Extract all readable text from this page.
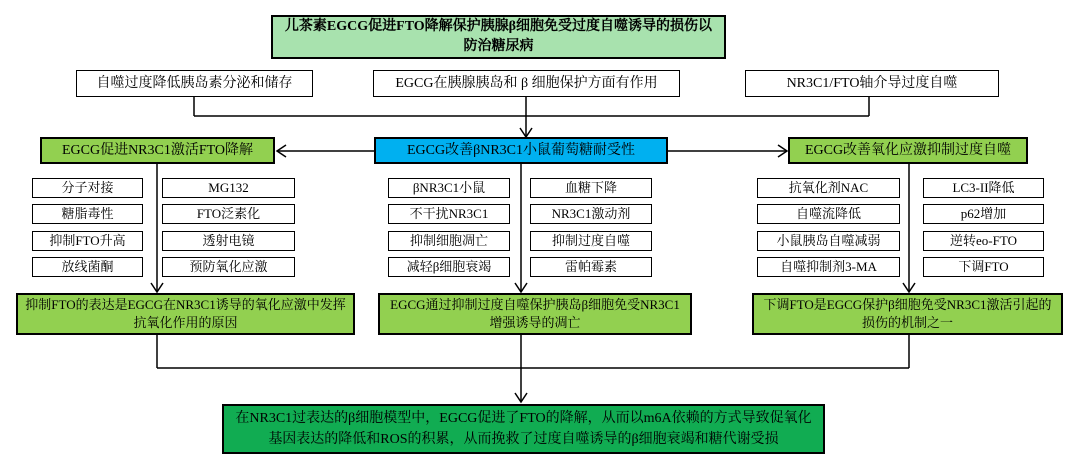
儿茶素EGCG促进FTO降解保护胰腺β细胞免受过度自噬诱导的损伤以防治糖尿病
自噬过度降低胰岛素分泌和储存	EGCG在胰腺胰岛和 β 细胞保护方面有作用	NR3C1/FTO轴介导过度自噬
EGCG促进NR3C1激活FTO降解	EGCG改善βNR3C1小鼠葡萄糖耐受性	EGCG改善氧化应激抑制过度自噬
分子对接
糖脂毒性
抑制FTO升高
放线菌酮
MG132
FTO泛素化
透射电镜
预防氧化应激
βNR3C1小鼠
不干扰NR3C1
抑制细胞凋亡
减轻β细胞衰竭
血糖下降
NR3C1激动剂
抑制过度自噬
雷帕霉素
抗氧化剂NAC
自噬流降低
小鼠胰岛自噬减弱
自噬抑制剂3-MA
LC3-II降低
p62增加
逆转eo-FTO
下调FTO
抑制FTO的表达是EGCG在NR3C1诱导的氧化应激中发挥抗氧化作用的原因
EGCG通过抑制过度自噬保护胰岛β细胞免受NR3C1增强诱导的凋亡
下调FTO是EGCG保护β细胞免受NR3C1激活引起的损伤的机制之一
在NR3C1过表达的β细胞模型中，EGCG促进了FTO的降解，从而以m6A依赖的方式导致促氧化基因表达的降低和ROS的积累，从而挽救了过度自噬诱导的β细胞衰竭和糖代谢受损
